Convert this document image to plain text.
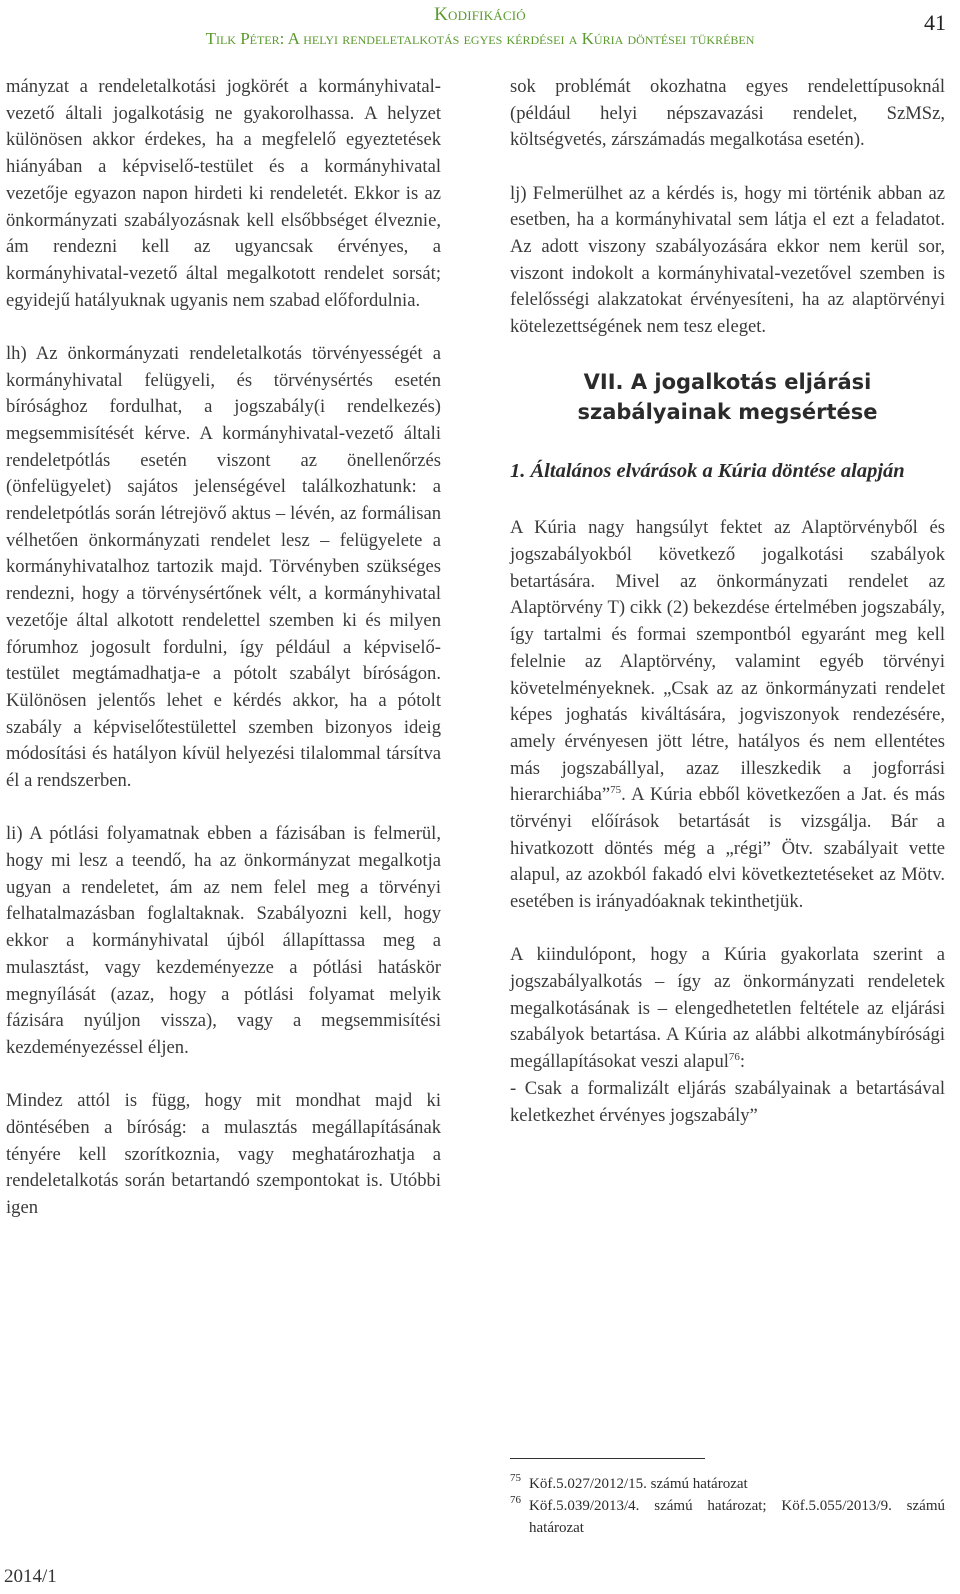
Kodifikáció
Tilk Péter: A helyi rendeletalkotás egyes kérdései a Kúria döntései tükrében
41

mányzat a rendeletalkotási jogkörét a kormányhivatal-vezető általi jogalkotásig ne gyakorolhassa. A helyzet különösen akkor érdekes, ha a megfelelő egyeztetések hiányában a képviselő-testület és a kormányhivatal vezetője egyazon napon hirdeti ki rendeletét. Ekkor is az önkormányzati szabályozásnak kell elsőbbséget élveznie, ám rendezni kell az ugyancsak érvényes, a kormányhivatal-vezető által megalkotott rendelet sorsát; egyidejű hatályuknak ugyanis nem szabad előfordulnia.

lh) Az önkormányzati rendeletalkotás törvényességét a kormányhivatal felügyeli, és törvénysértés esetén bírósághoz fordulhat, a jogszabály(i rendelkezés) megsemmisítését kérve. A kormányhivatal-vezető általi rendeletpótlás esetén viszont az önellenőrzés (önfelügyelet) sajátos jelenségével találkozhatunk: a rendeletpótlás során létrejövő aktus – lévén, az formálisan vélhetően önkormányzati rendelet lesz – felügyelete a kormányhivatalhoz tartozik majd. Törvényben szükséges rendezni, hogy a törvénysértőnek vélt, a kormányhivatal vezetője által alkotott rendelettel szemben ki és milyen fórumhoz jogosult fordulni, így például a képviselő-testület megtámadhatja-e a pótolt szabályt bíróságon. Különösen jelentős lehet e kérdés akkor, ha a pótolt szabály a képviselőtestülettel szemben bizonyos ideig módosítási és hatályon kívül helyezési tilalommal társítva él a rendszerben.

li) A pótlási folyamatnak ebben a fázisában is felmerül, hogy mi lesz a teendő, ha az önkormányzat megalkotja ugyan a rendeletet, ám az nem felel meg a törvényi felhatalmazásban foglaltaknak. Szabályozni kell, hogy ekkor a kormányhivatal újból állapíttassa meg a mulasztást, vagy kezdeményezze a pótlási hatáskör megnyílását (azaz, hogy a pótlási folyamat melyik fázisára nyúljon vissza), vagy a megsemmisítési kezdeményezéssel éljen.

Mindez attól is függ, hogy mit mondhat majd ki döntésében a bíróság: a mulasztás megállapításának tényére kell szorítkoznia, vagy meghatározhatja a rendeletalkotás során betartandó szempontokat is. Utóbbi igen

sok problémát okozhatna egyes rendelettípusoknál (például helyi népszavazási rendelet, SzMSz, költségvetés, zárszámadás megalkotása esetén).

lj) Felmerülhet az a kérdés is, hogy mi történik abban az esetben, ha a kormányhivatal sem látja el ezt a feladatot. Az adott viszony szabályozására ekkor nem kerül sor, viszont indokolt a kormányhivatal-vezetővel szemben is felelősségi alakzatokat érvényesíteni, ha az alaptörvényi kötelezettségének nem tesz eleget.

VII. A jogalkotás eljárási szabályainak megsértése
1. Általános elvárások a Kúria döntése alapján

A Kúria nagy hangsúlyt fektet az Alaptörvényből és jogszabályokból következő jogalkotási szabályok betartására. Mivel az önkormányzati rendelet az Alaptörvény T) cikk (2) bekezdése értelmében jogszabály, így tartalmi és formai szempontból egyaránt meg kell felelnie az Alaptörvény, valamint egyéb törvényi követelményeknek. „Csak az az önkormányzati rendelet képes joghatás kiváltására, jogviszonyok rendezésére, amely érvényesen jött létre, hatályos és nem ellentétes más jogszabállyal, azaz illeszkedik a jogforrási hierarchiába”$^{75}$. A Kúria ebből következően a Jat. és más törvényi előírások betartását is vizsgálja. Bár a hivatkozott döntés még a „régi” Ötv. szabályait vette alapul, az azokból fakadó elvi következtetéseket az Mötv. esetében is irányadóaknak tekinthetjük.

A kiindulópont, hogy a Kúria gyakorlata szerint a jogszabályalkotás – így az önkormányzati rendeletek megalkotásának is – elengedhetetlen feltétele az eljárási szabályok betartása. A Kúria az alábbi alkotmánybírósági megállapításokat veszi alapul$^{76}$:

- Csak a formalizált eljárás szabályainak a betartásával keletkezhet érvényes jogszabály”

75 Köf.5.027/2012/15. számú határozat
76 Köf.5.039/2013/4. számú határozat; Köf.5.055/2013/9. számú határozat
2014/1
